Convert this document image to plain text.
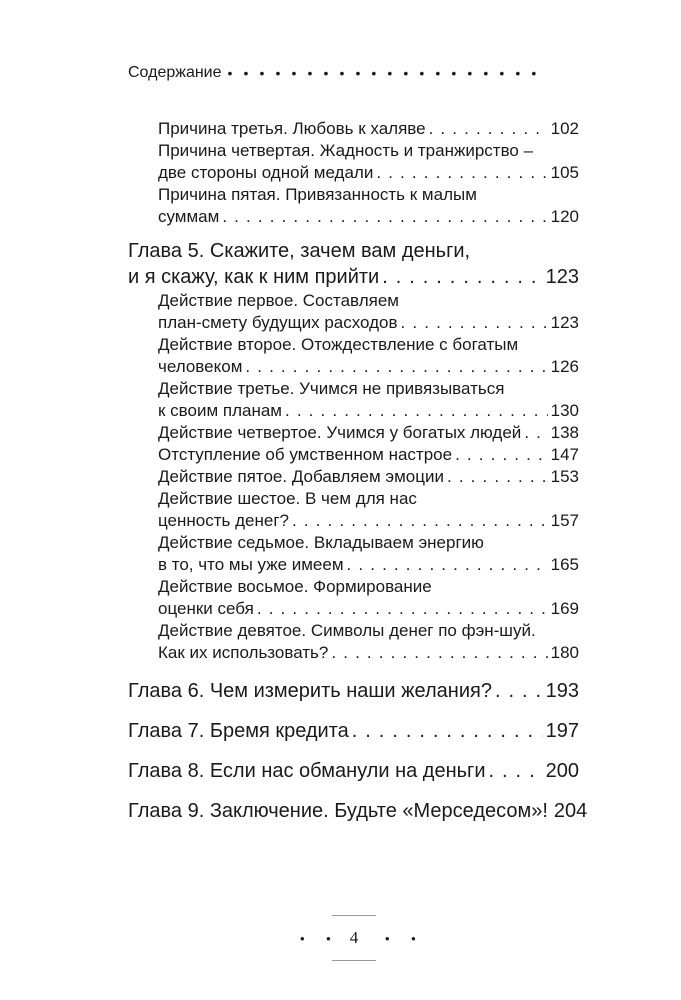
Содержание • • • • • • • • • • • • • • • • • • • •
Причина третья. Любовь к халяве . . .	102
Причина четвертая. Жадность и транжирство –
две стороны одной медали . . .	105
Причина пятая. Привязанность к малым
суммам . . .	120
Глава 5. Скажите, зачем вам деньги,
и я скажу, как к ним прийти . . .	123
Действие первое. Составляем
план-смету будущих расходов . . .	123
Действие второе. Отождествление с богатым
человеком . . .	126
Действие третье. Учимся не привязываться
к своим планам . . .	130
Действие четвертое. Учимся у богатых людей . . . 138
Отступление об умственном настрое . . .	147
Действие пятое. Добавляем эмоции . . .	153
Действие шестое. В чем для нас
ценность денег? . . .	157
Действие седьмое. Вкладываем энергию
в то, что мы уже имеем . . .	165
Действие восьмое. Формирование
оценки себя . . .	169
Действие девятое. Символы денег по фэн-шуй.
Как их использовать? . . .	180
Глава 6. Чем измерить наши желания? . . .	193
Глава 7. Бремя кредита . . .	197
Глава 8. Если нас обманули на деньги . . .	200
Глава 9. Заключение. Будьте «Мерседесом»! 204
• • 4	• •
